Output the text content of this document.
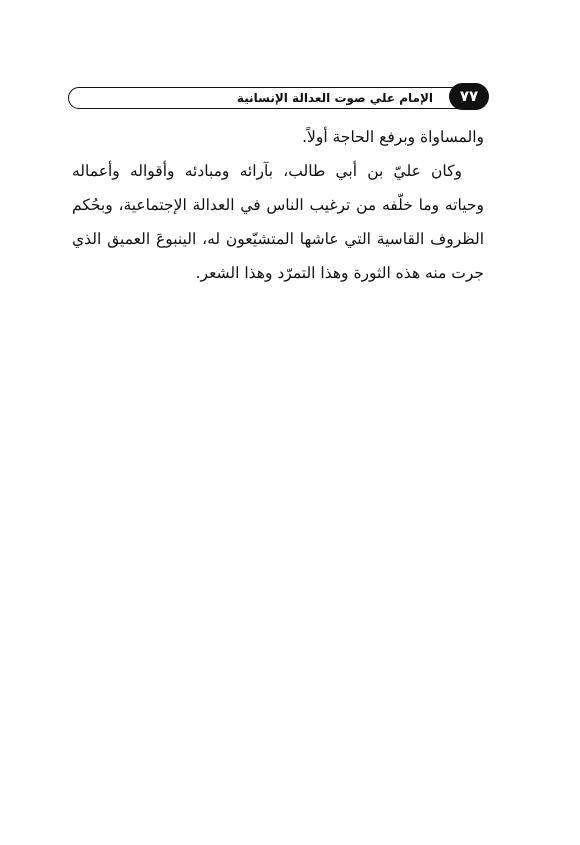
٧٧
الإمام علي صوت العدالة الإنسانية

والمساواة وبرفع الحاجة أولاً.

وكان عليّ بن أبي طالب، بآرائه ومبادئه وأقواله وأعماله وحياته وما خلّفه من ترغيب الناس في العدالة الإجتماعية، وبحُكم الظروف القاسية التي عاشها المتشيّعون له، الينبوعَ العميق الذي جرت منه هذه الثورة وهذا التمرّد وهذا الشعر.
